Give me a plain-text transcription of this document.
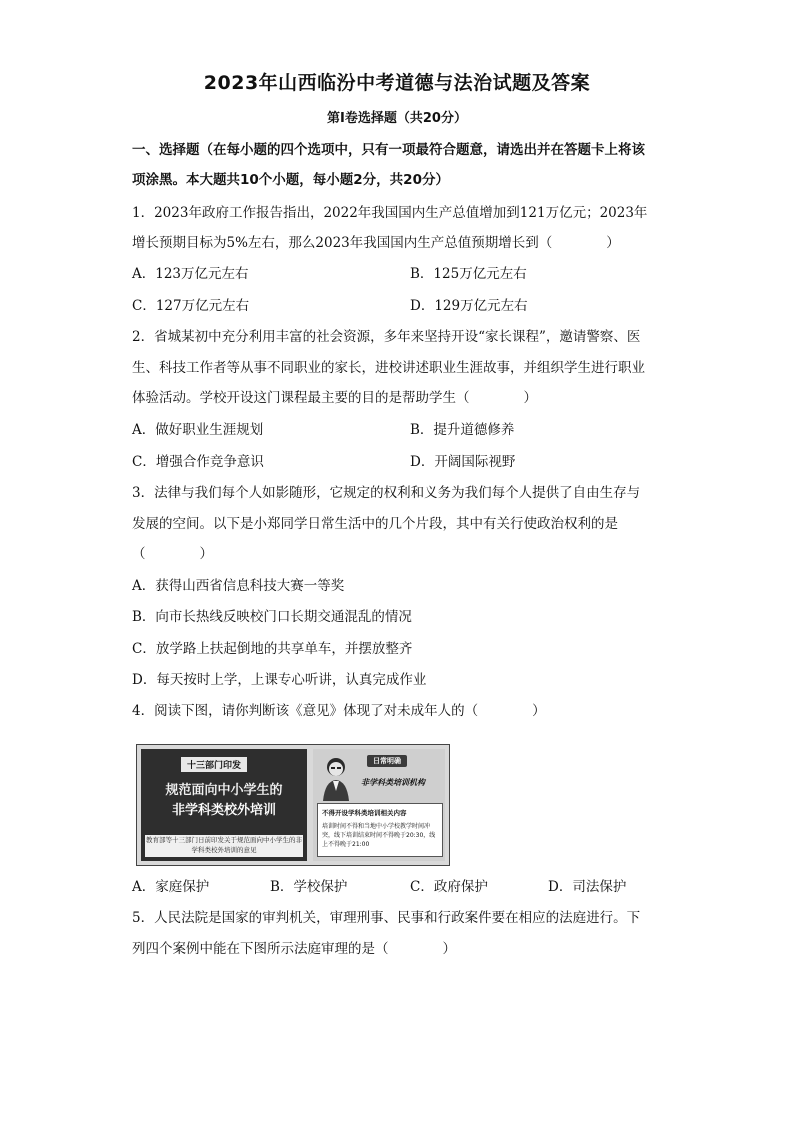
2023年山西临汾中考道德与法治试题及答案
第Ⅰ卷选择题（共20分）
一、选择题（在每小题的四个选项中，只有一项最符合题意，请选出并在答题卡上将该
项涂黑。本大题共10个小题，每小题2分，共20分）
1．2023年政府工作报告指出，2022年我国国内生产总值增加到121万亿元；2023年
增长预期目标为5%左右，那么2023年我国国内生产总值预期增长到（　　　　）
A．123万亿元左右	B．125万亿元左右
C．127万亿元左右	D．129万亿元左右
2．省城某初中充分利用丰富的社会资源，多年来坚持开设“家长课程”，邀请警察、医
生、科技工作者等从事不同职业的家长，进校讲述职业生涯故事，并组织学生进行职业
体验活动。学校开设这门课程最主要的目的是帮助学生（　　　　）
A．做好职业生涯规划	B．提升道德修养
C．增强合作竞争意识	D．开阔国际视野
3．法律与我们每个人如影随形，它规定的权利和义务为我们每个人提供了自由生存与
发展的空间。以下是小郑同学日常生活中的几个片段，其中有关行使政治权利的是
（　　　　）
A．获得山西省信息科技大赛一等奖
B．向市长热线反映校门口长期交通混乱的情况
C．放学路上扶起倒地的共享单车，并摆放整齐
D．每天按时上学，上课专心听讲，认真完成作业
4．阅读下图，请你判断该《意见》体现了对未成年人的（　　　　）
十三部门印发
规范面向中小学生的
非学科类校外培训
教育部等十三部门日前印发关于规范面向中小学生的非学科类校外培训的意见
日常明确
非学科类培训机构
不得开设学科类培训相关内容
培训时间不得和当地中小学校教学时间冲突，线下培训结束时间不得晚于20:30，线上不得晚于21:00
A．家庭保护	B．学校保护	C．政府保护	D．司法保护
5．人民法院是国家的审判机关，审理刑事、民事和行政案件要在相应的法庭进行。下
列四个案例中能在下图所示法庭审理的是（　　　　）
